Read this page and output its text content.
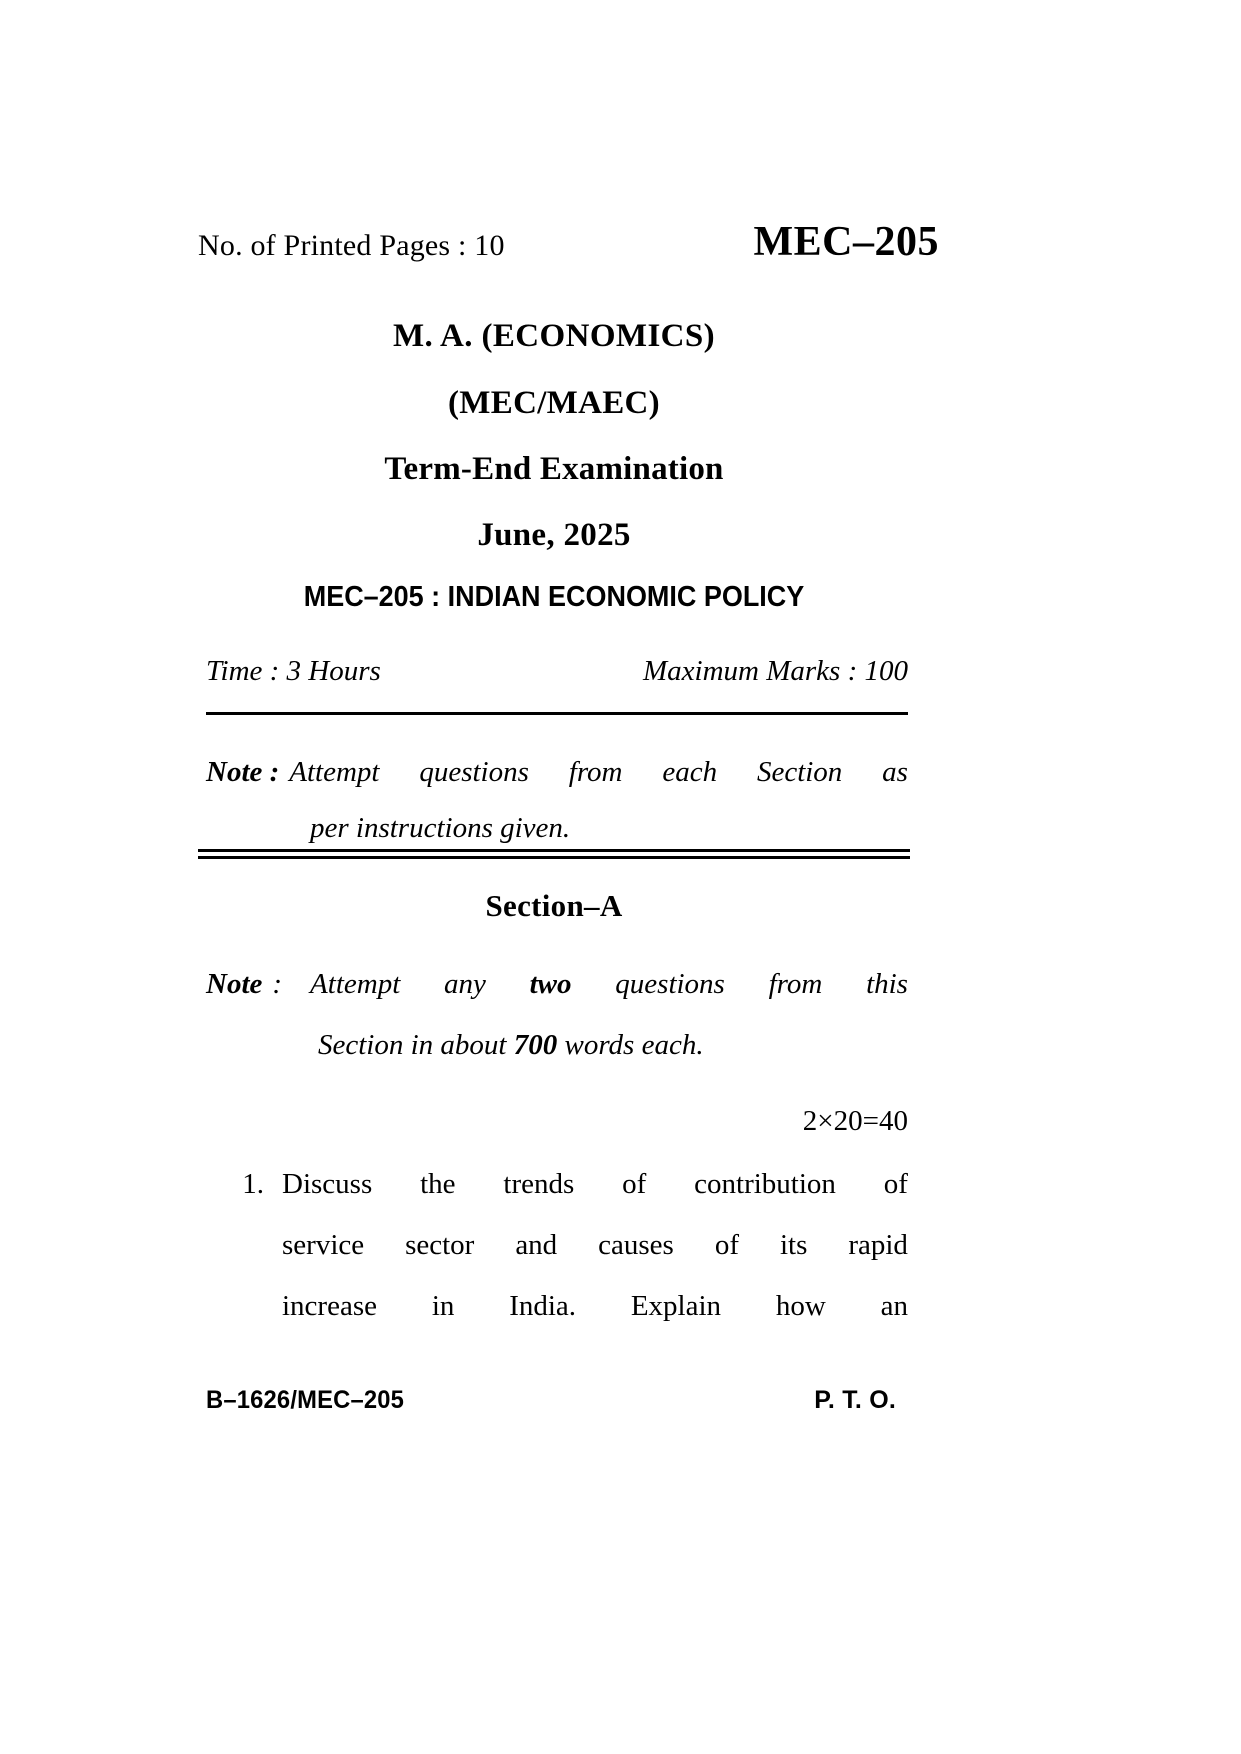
No. of Printed Pages : 10	MEC–205
M. A. (ECONOMICS)
(MEC/MAEC)
Term-End Examination
June, 2025
MEC–205 : INDIAN ECONOMIC POLICY
Time : 3 Hours	Maximum Marks : 100
Note : Attempt questions from each Section as
per instructions given.
Section–A
Note : Attempt any two questions from this
Section in about 700 words each.
2×20=40
1. Discuss the trends of contribution of
service sector and causes of its rapid
increase in India. Explain how an
B–1626/MEC–205	P. T. O.
